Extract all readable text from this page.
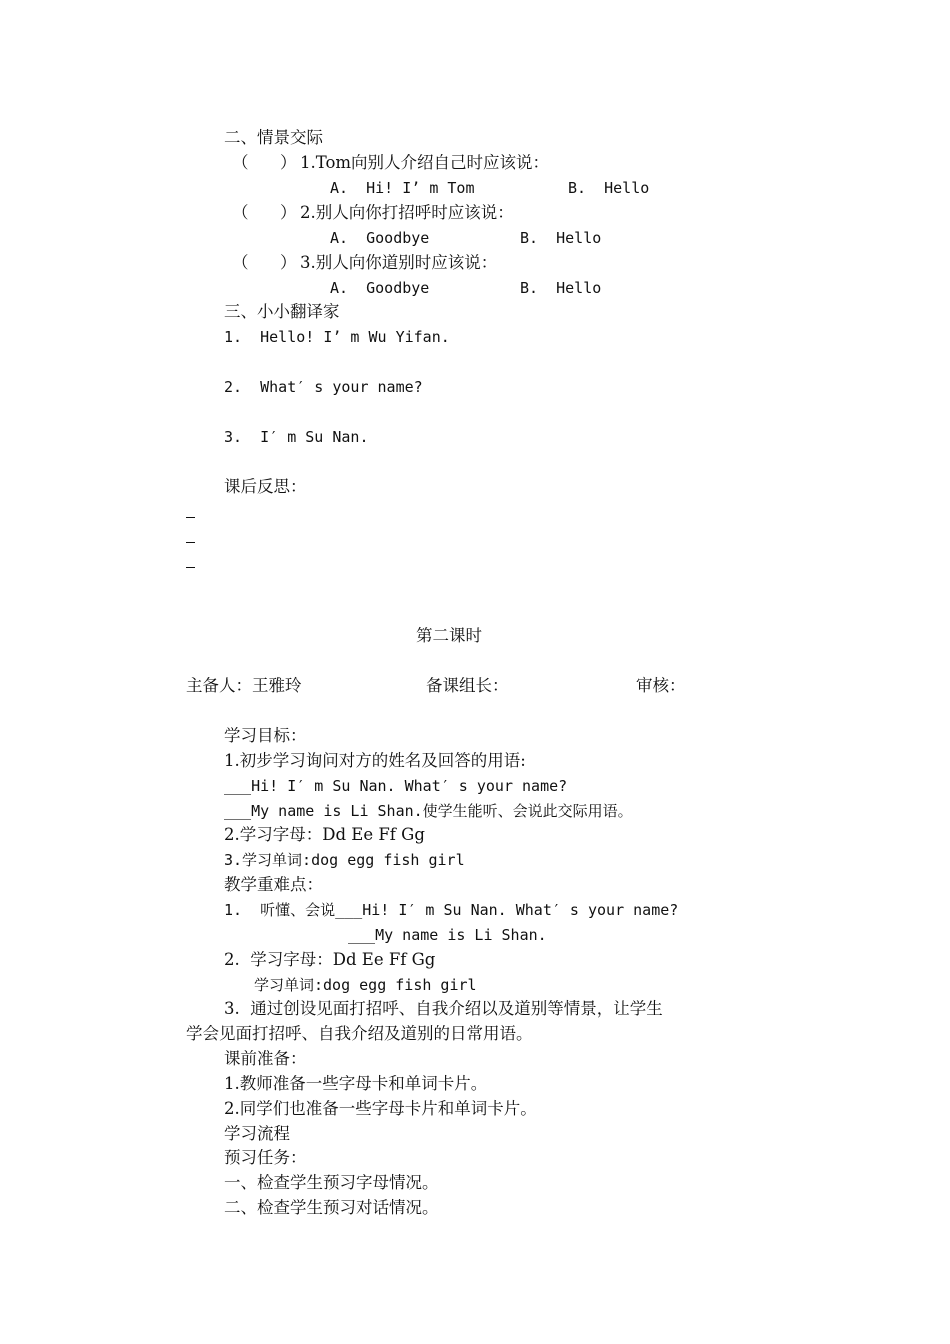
二、情景交际
（      ） 1.Tom向别人介绍自己时应该说：
A.  Hi! I’ m Tom	B.  Hello
（      ） 2.别人向你打招呼时应该说：
A.  Goodbye	B.  Hello
（      ） 3.别人向你道别时应该说：
A.  Goodbye	B.  Hello
三、小小翻译家
1.  Hello! I’ m Wu Yifan.
2.  What′ s your name?
3.  I′ m Su Nan.
课后反思：
第二课时
主备人：王雅玲	备课组长：	审核：
学习目标：
1.初步学习询问对方的姓名及回答的用语:
___Hi! I′ m Su Nan. What′ s your name?
___My name is Li Shan.使学生能听、会说此交际用语。
2.学习字母：Dd Ee Ff Gg
3.学习单词:dog egg fish girl
教学重难点：
1.  听懂、会说___Hi! I′ m Su Nan. What′ s your name?
___My name is Li Shan.
2.  学习字母：Dd Ee Ff Gg
学习单词:dog egg fish girl
3.  通过创设见面打招呼、自我介绍以及道别等情景，让学生
学会见面打招呼、自我介绍及道别的日常用语。
课前准备：
1.教师准备一些字母卡和单词卡片。
2.同学们也准备一些字母卡片和单词卡片。
学习流程
预习任务：
一、检查学生预习字母情况。
二、检查学生预习对话情况。
